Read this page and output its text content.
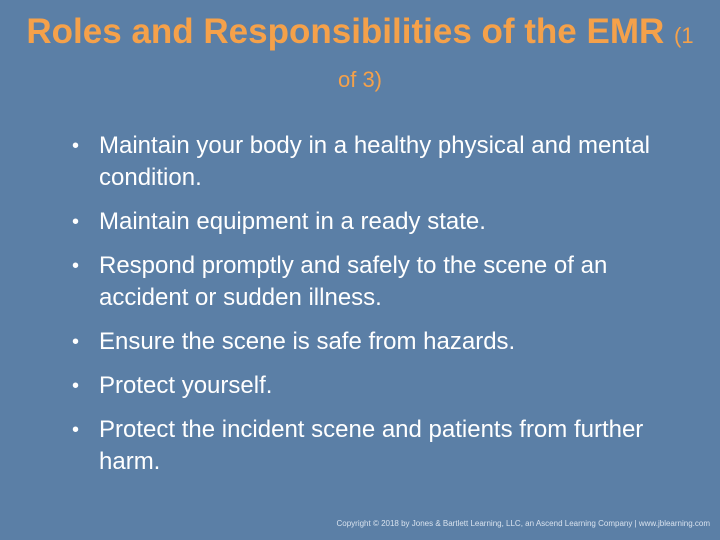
Roles and Responsibilities of the EMR (1 of 3)
• Maintain your body in a healthy physical and mental condition.
• Maintain equipment in a ready state.
• Respond promptly and safely to the scene of an accident or sudden illness.
• Ensure the scene is safe from hazards.
• Protect yourself.
• Protect the incident scene and patients from further harm.
Copyright © 2018 by Jones & Bartlett Learning, LLC, an Ascend Learning Company | www.jblearning.com
